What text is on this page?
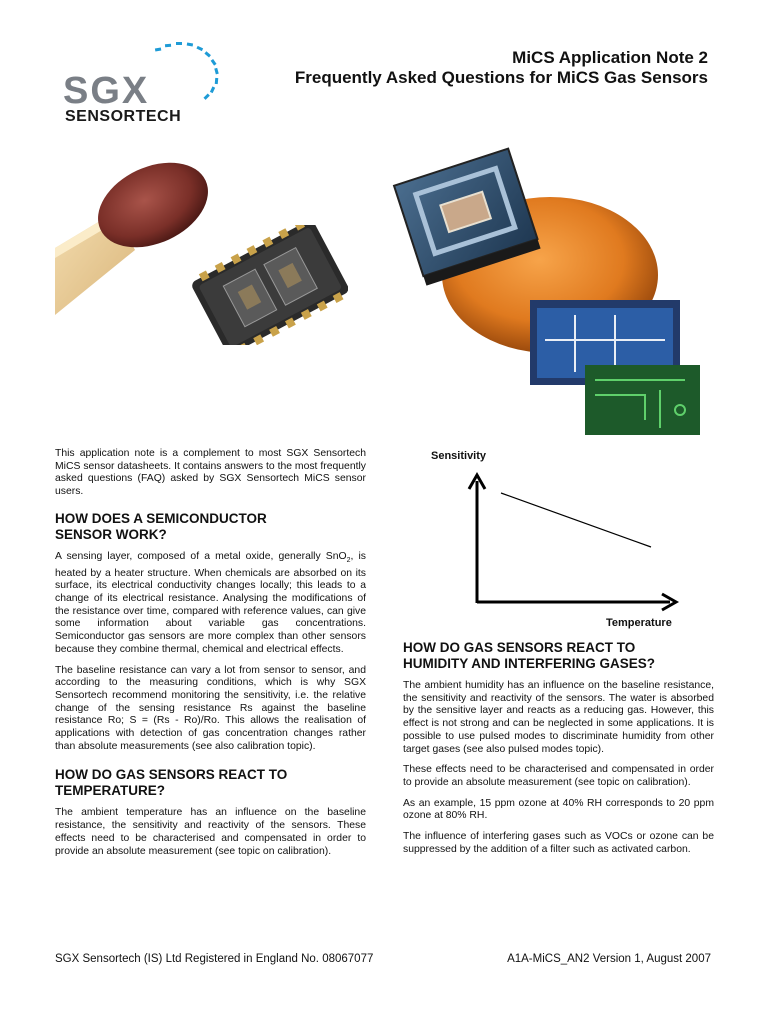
SGX
SENSORTECH
MiCS Application Note 2
Frequently Asked Questions for MiCS Gas Sensors

This application note is a complement to most SGX Sensortech MiCS sensor datasheets. It contains answers to the most frequently asked questions (FAQ) asked by SGX Sensortech MiCS sensor users.

HOW DOES A SEMICONDUCTOR
SENSOR WORK?

A sensing layer, composed of a metal oxide, generally SnO$_2$, is heated by a heater structure. When chemicals are absorbed on its surface, its electrical conductivity changes locally; this leads to a change of its electrical resistance. Analysing the modifications of the resistance over time, compared with reference values, can give some information about variable gas concentrations. Semiconductor gas sensors are more complex than other sensors because they combine thermal, chemical and electrical effects.

The baseline resistance can vary a lot from sensor to sensor, and according to the measuring conditions, which is why SGX Sensortech recommend monitoring the sensitivity, i.e. the relative change of the sensing resistance Rs against the baseline resistance Ro; S = (Rs - Ro)/Ro. This allows the realisation of applications with detection of gas concentration changes rather than absolute measurements (see also calibration topic).

HOW DO GAS SENSORS REACT TO
TEMPERATURE?

The ambient temperature has an influence on the baseline resistance, the sensitivity and reactivity of the sensors. These effects need to be characterised and compensated in order to provide an absolute measurement (see topic on calibration).

Sensitivity
Temperature
HOW DO GAS SENSORS REACT TO
HUMIDITY AND INTERFERING GASES?

The ambient humidity has an influence on the baseline resistance, the sensitivity and reactivity of the sensors. The water is absorbed by the sensitive layer and reacts as a reducing gas. However, this effect is not strong and can be neglected in some applications. It is possible to use pulsed modes to discriminate humidity from other target gases (see also pulsed modes topic).

These effects need to be characterised and compensated in order to provide an absolute measurement (see topic on calibration).

As an example, 15 ppm ozone at 40% RH corresponds to 20 ppm ozone at 80% RH.

The influence of interfering gases such as VOCs or ozone can be suppressed by the addition of a filter such as activated carbon.

SGX Sensortech (IS) Ltd Registered in England No. 08067077	A1A-MiCS_AN2 Version 1, August 2007
